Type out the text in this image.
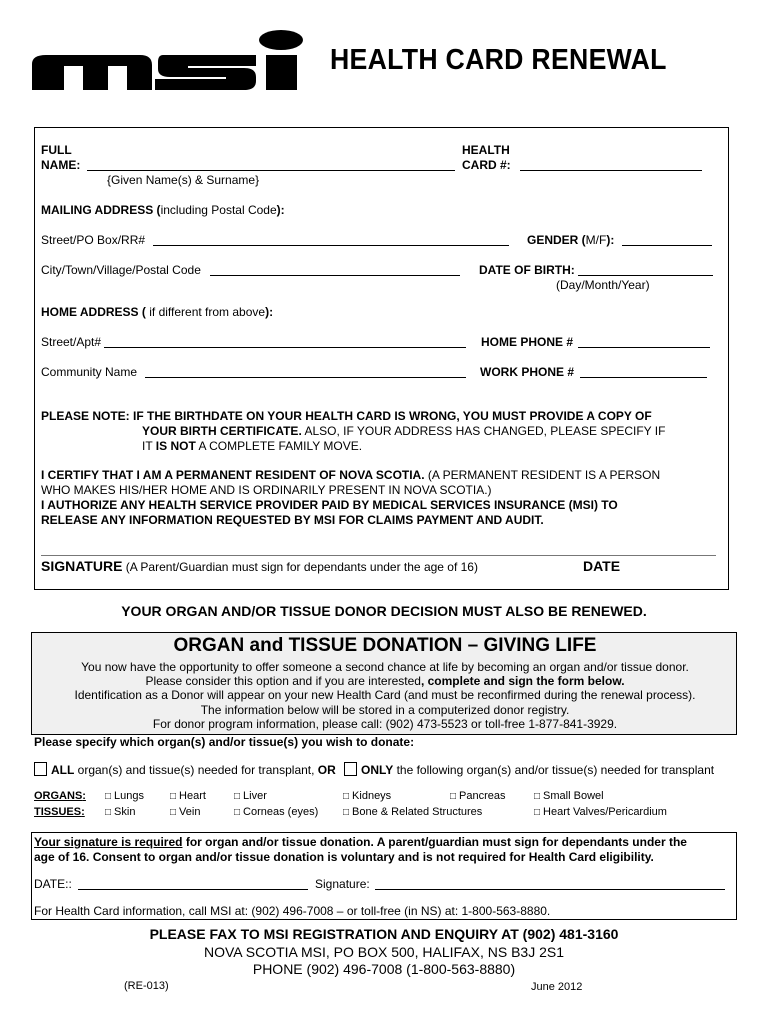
HEALTH CARD RENEWAL
FULL
NAME:
{Given Name(s) & Surname}
HEALTH
CARD #:
MAILING ADDRESS (including Postal Code):
Street/PO Box/RR#	GENDER (M/F):
City/Town/Village/Postal Code	DATE OF BIRTH:
(Day/Month/Year)
HOME ADDRESS ( if different from above):
Street/Apt#	HOME PHONE #
Community Name	WORK PHONE #
PLEASE NOTE: IF THE BIRTHDATE ON YOUR HEALTH CARD IS WRONG, YOU MUST PROVIDE A COPY OF
YOUR BIRTH CERTIFICATE. ALSO, IF YOUR ADDRESS HAS CHANGED, PLEASE SPECIFY IF
IT IS NOT A COMPLETE FAMILY MOVE.
I CERTIFY THAT I AM A PERMANENT RESIDENT OF NOVA SCOTIA. (A PERMANENT RESIDENT IS A PERSON
WHO MAKES HIS/HER HOME AND IS ORDINARILY PRESENT IN NOVA SCOTIA.)
I AUTHORIZE ANY HEALTH SERVICE PROVIDER PAID BY MEDICAL SERVICES INSURANCE (MSI) TO
RELEASE ANY INFORMATION REQUESTED BY MSI FOR CLAIMS PAYMENT AND AUDIT.
SIGNATURE (A Parent/Guardian must sign for dependants under the age of 16)	DATE
YOUR ORGAN AND/OR TISSUE DONOR DECISION MUST ALSO BE RENEWED.
ORGAN and TISSUE DONATION – GIVING LIFE
You now have the opportunity to offer someone a second chance at life by becoming an organ and/or tissue donor.
Please consider this option and if you are interested, complete and sign the form below.
Identification as a Donor will appear on your new Health Card (and must be reconfirmed during the renewal process).
The information below will be stored in a computerized donor registry.
For donor program information, please call: (902) 473-5523 or toll-free 1-877-841-3929.
Please specify which organ(s) and/or tissue(s) you wish to donate:
ALL organ(s) and tissue(s) needed for transplant, OR	ONLY the following organ(s) and/or tissue(s) needed for transplant
ORGANS: □ Lungs	□ Heart	□ Liver	□ Kidneys	□ Pancreas	□ Small Bowel
TISSUES: □ Skin	□ Vein	□ Corneas (eyes) □ Bone & Related Structures	□ Heart Valves/Pericardium
Your signature is required for organ and/or tissue donation. A parent/guardian must sign for dependants under the
age of 16. Consent to organ and/or tissue donation is voluntary and is not required for Health Card eligibility.
DATE::	Signature:
For Health Card information, call MSI at: (902) 496-7008 – or toll-free (in NS) at: 1-800-563-8880.
PLEASE FAX TO MSI REGISTRATION AND ENQUIRY AT (902) 481-3160
NOVA SCOTIA MSI, PO BOX 500, HALIFAX, NS B3J 2S1
PHONE (902) 496-7008 (1-800-563-8880)
(RE-013)	June 2012
